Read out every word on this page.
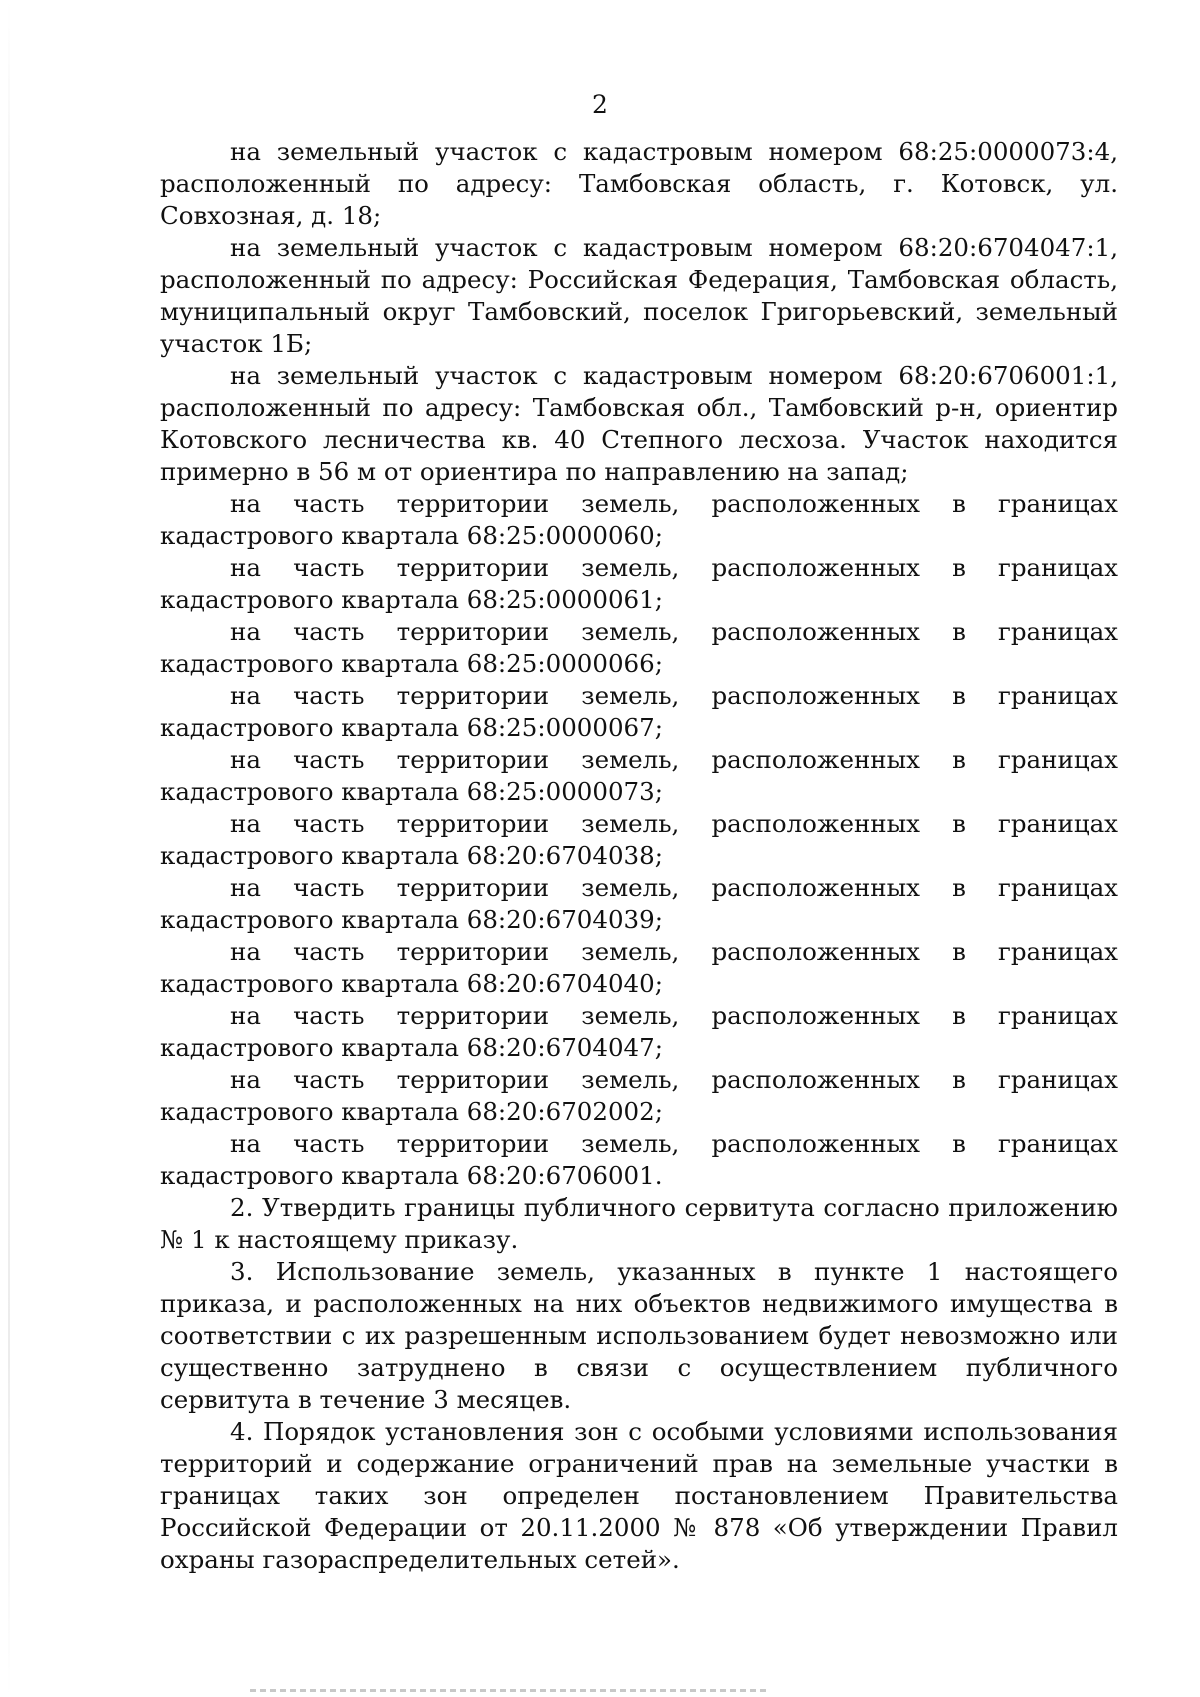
2

на земельный участок с кадастровым номером 68:25:0000073:4, расположенный по адресу: Тамбовская область, г. Котовск, ул. Совхозная, д. 18;

на земельный участок с кадастровым номером 68:20:6704047:1, расположенный по адресу: Российская Федерация, Тамбовская область, муниципальный округ Тамбовский, поселок Григорьевский, земельный участок 1Б;

на земельный участок с кадастровым номером 68:20:6706001:1, расположенный по адресу: Тамбовская обл., Тамбовский р-н, ориентир Котовского лесничества кв. 40 Степного лесхоза. Участок находится примерно в 56 м от ориентира по направлению на запад;

на часть территории земель, расположенных в границах кадастрового квартала 68:25:0000060;

на часть территории земель, расположенных в границах кадастрового квартала 68:25:0000061;

на часть территории земель, расположенных в границах кадастрового квартала 68:25:0000066;

на часть территории земель, расположенных в границах кадастрового квартала 68:25:0000067;

на часть территории земель, расположенных в границах кадастрового квартала 68:25:0000073;

на часть территории земель, расположенных в границах кадастрового квартала 68:20:6704038;

на часть территории земель, расположенных в границах кадастрового квартала 68:20:6704039;

на часть территории земель, расположенных в границах кадастрового квартала 68:20:6704040;

на часть территории земель, расположенных в границах кадастрового квартала 68:20:6704047;

на часть территории земель, расположенных в границах кадастрового квартала 68:20:6702002;

на часть территории земель, расположенных в границах кадастрового квартала 68:20:6706001.

2. Утвердить границы публичного сервитута согласно приложению № 1 к настоящему приказу.

3. Использование земель, указанных в пункте 1 настоящего приказа, и расположенных на них объектов недвижимого имущества в соответствии с их разрешенным использованием будет невозможно или существенно затруднено в связи с осуществлением публичного сервитута в течение 3 месяцев.

4. Порядок установления зон с особыми условиями использования территорий и содержание ограничений прав на земельные участки в границах таких зон определен постановлением Правительства Российской Федерации от 20.11.2000 № 878 «Об утверждении Правил охраны газораспределительных сетей».
